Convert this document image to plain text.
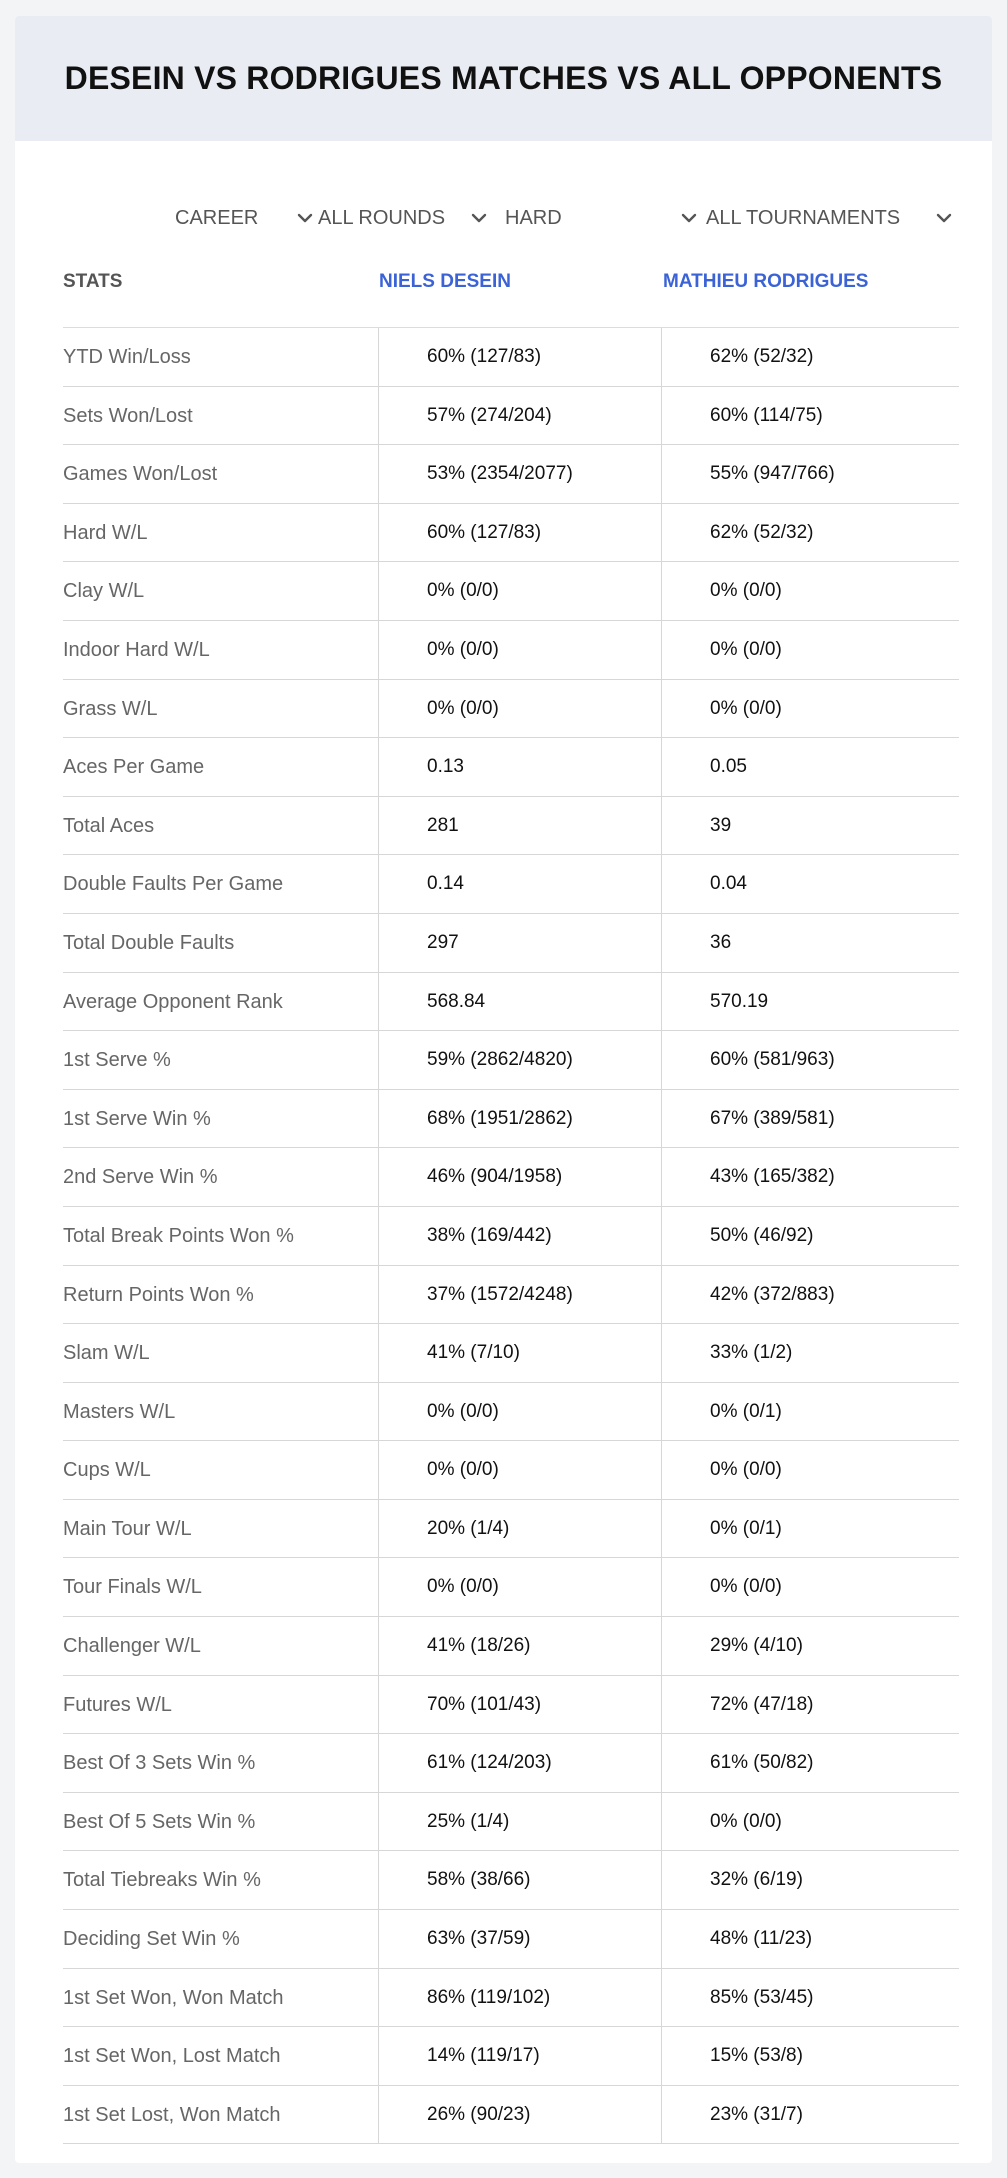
DESEIN VS RODRIGUES MATCHES VS ALL OPPONENTS
CAREER	ALL ROUNDS	HARD	ALL TOURNAMENTS
STATS	NIELS DESEIN	MATHIEU RODRIGUES
YTD Win/Loss	60% (127/83)	62% (52/32)
Sets Won/Lost	57% (274/204)	60% (114/75)
Games Won/Lost	53% (2354/2077)	55% (947/766)
Hard W/L	60% (127/83)	62% (52/32)
Clay W/L	0% (0/0)	0% (0/0)
Indoor Hard W/L	0% (0/0)	0% (0/0)
Grass W/L	0% (0/0)	0% (0/0)
Aces Per Game	0.13	0.05
Total Aces	281	39
Double Faults Per Game	0.14	0.04
Total Double Faults	297	36
Average Opponent Rank	568.84	570.19
1st Serve %	59% (2862/4820)	60% (581/963)
1st Serve Win %	68% (1951/2862)	67% (389/581)
2nd Serve Win %	46% (904/1958)	43% (165/382)
Total Break Points Won %	38% (169/442)	50% (46/92)
Return Points Won %	37% (1572/4248)	42% (372/883)
Slam W/L	41% (7/10)	33% (1/2)
Masters W/L	0% (0/0)	0% (0/1)
Cups W/L	0% (0/0)	0% (0/0)
Main Tour W/L	20% (1/4)	0% (0/1)
Tour Finals W/L	0% (0/0)	0% (0/0)
Challenger W/L	41% (18/26)	29% (4/10)
Futures W/L	70% (101/43)	72% (47/18)
Best Of 3 Sets Win %	61% (124/203)	61% (50/82)
Best Of 5 Sets Win %	25% (1/4)	0% (0/0)
Total Tiebreaks Win %	58% (38/66)	32% (6/19)
Deciding Set Win %	63% (37/59)	48% (11/23)
1st Set Won, Won Match	86% (119/102)	85% (53/45)
1st Set Won, Lost Match	14% (119/17)	15% (53/8)
1st Set Lost, Won Match	26% (90/23)	23% (31/7)
